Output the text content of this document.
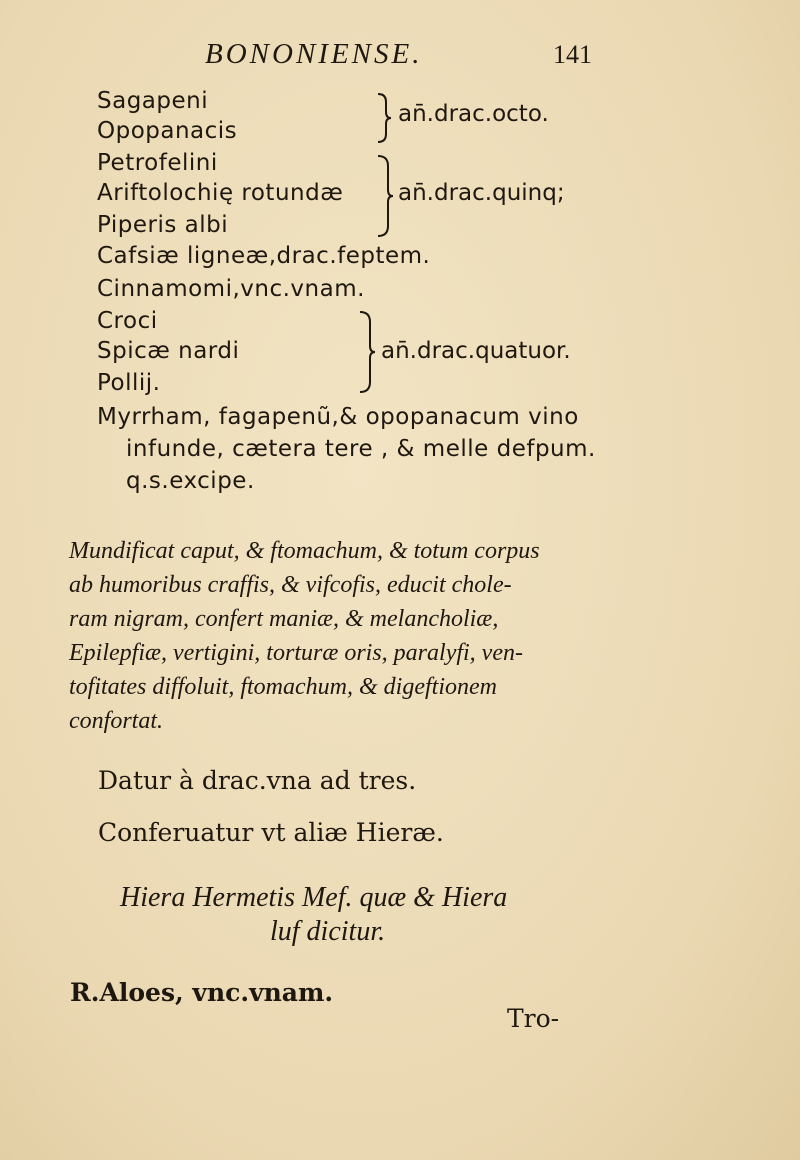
BONONIENSE.	141
Sagapeni
Opopanacis
Petrofelini
Ariftolochię rotundæ
Piperis albi
Cafsiæ ligneæ,drac.feptem.
Cinnamomi,vnc.vnam.
Croci
Spicæ nardi
Pollij.
Myrrham, fagapenũ,& opopanacum vino
infunde, cætera tere , & melle defpum.
q.s.excipe.
an̄.drac.octo.
an̄.drac.quinq;
an̄.drac.quatuor.
Mundificat caput, & ftomachum, & totum corpus
ab humoribus craffis, & vifcofis, educit chole-
ram nigram, confert maniæ, & melancholiæ,
Epilepfiæ, vertigini, torturæ oris, paralyfi, ven-
tofitates diffoluit, ftomachum, & digeftionem
confortat.
Datur à drac.vna ad tres.
Conferuatur vt aliæ Hieræ.
Hiera Hermetis Mef. quæ & Hiera
luf dicitur.
R.Aloes, vnc.vnam.
Tro-
